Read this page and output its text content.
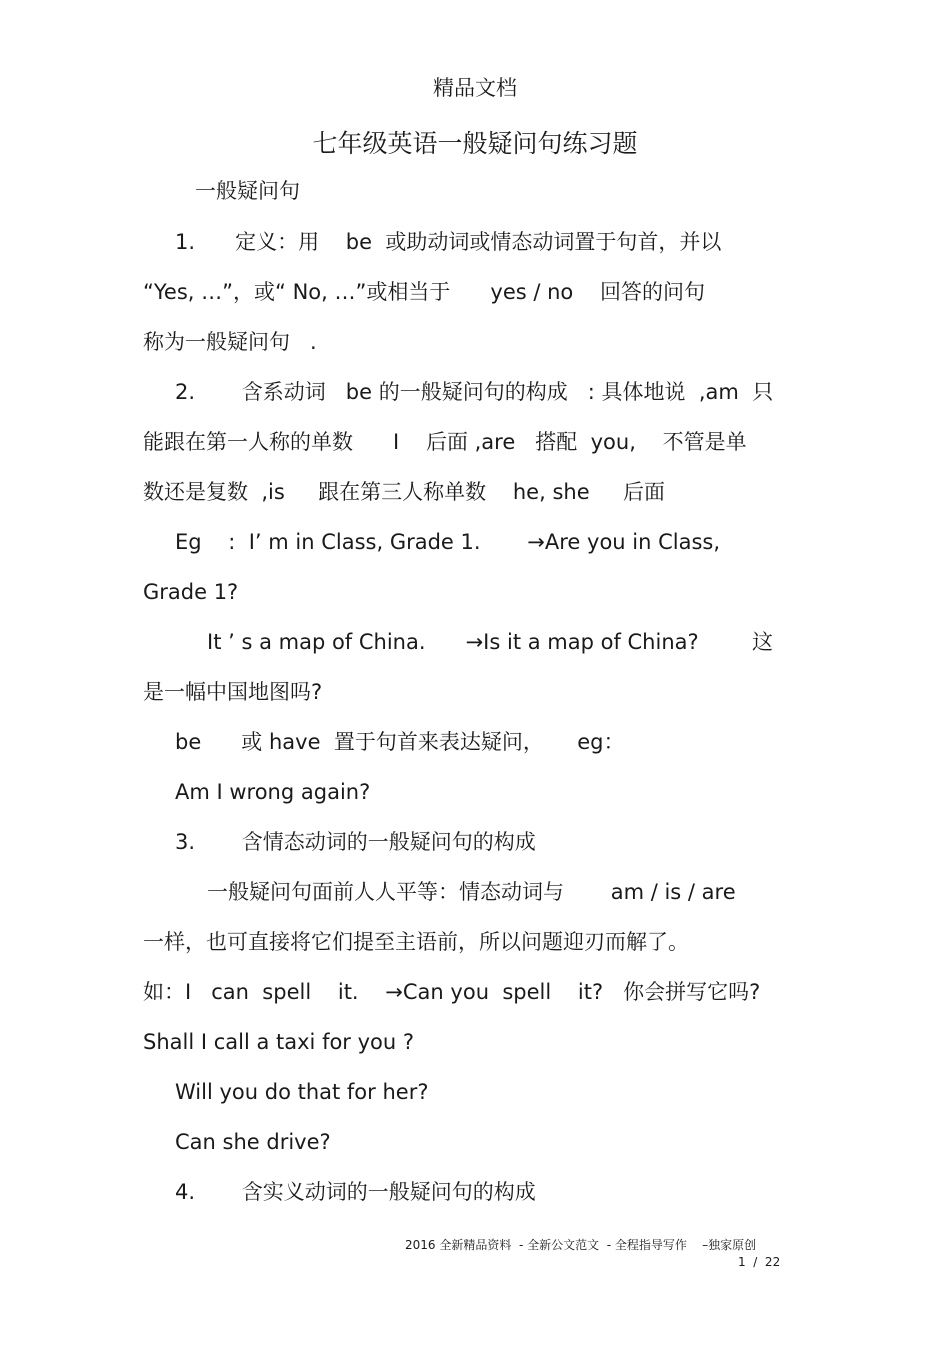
精品文档
七年级英语一般疑问句练习题
一般疑问句
1.      定义：用    be  或助动词或情态动词置于句首，并以
“Yes, …”，或“ No, …”或相当于      yes / no    回答的问句
称为一般疑问句   .
2.       含系动词   be 的一般疑问句的构成   : 具体地说  ,am  只
能跟在第一人称的单数      I    后面 ,are   搭配  you,    不管是单
数还是复数  ,is     跟在第三人称单数    he, she     后面
Eg    :  I’ m in Class, Grade 1.       →Are you in Class,
Grade 1?
It ’ s a map of China.      →Is it a map of China?        这
是一幅中国地图吗?
be      或 have  置于句首来表达疑问，     eg：
Am I wrong again?
3.       含情态动词的一般疑问句的构成
一般疑问句面前人人平等：情态动词与       am / is / are
一样，也可直接将它们提至主语前，所以问题迎刃而解了。
如：I   can  spell    it.    →Can you  spell    it?   你会拼写它吗?
Shall I call a taxi for you ?
Will you do that for her?
Can she drive?
4.       含实义动词的一般疑问句的构成
2016 全新精品资料  - 全新公文范文  - 全程指导写作    –独家原创
1  /  22
